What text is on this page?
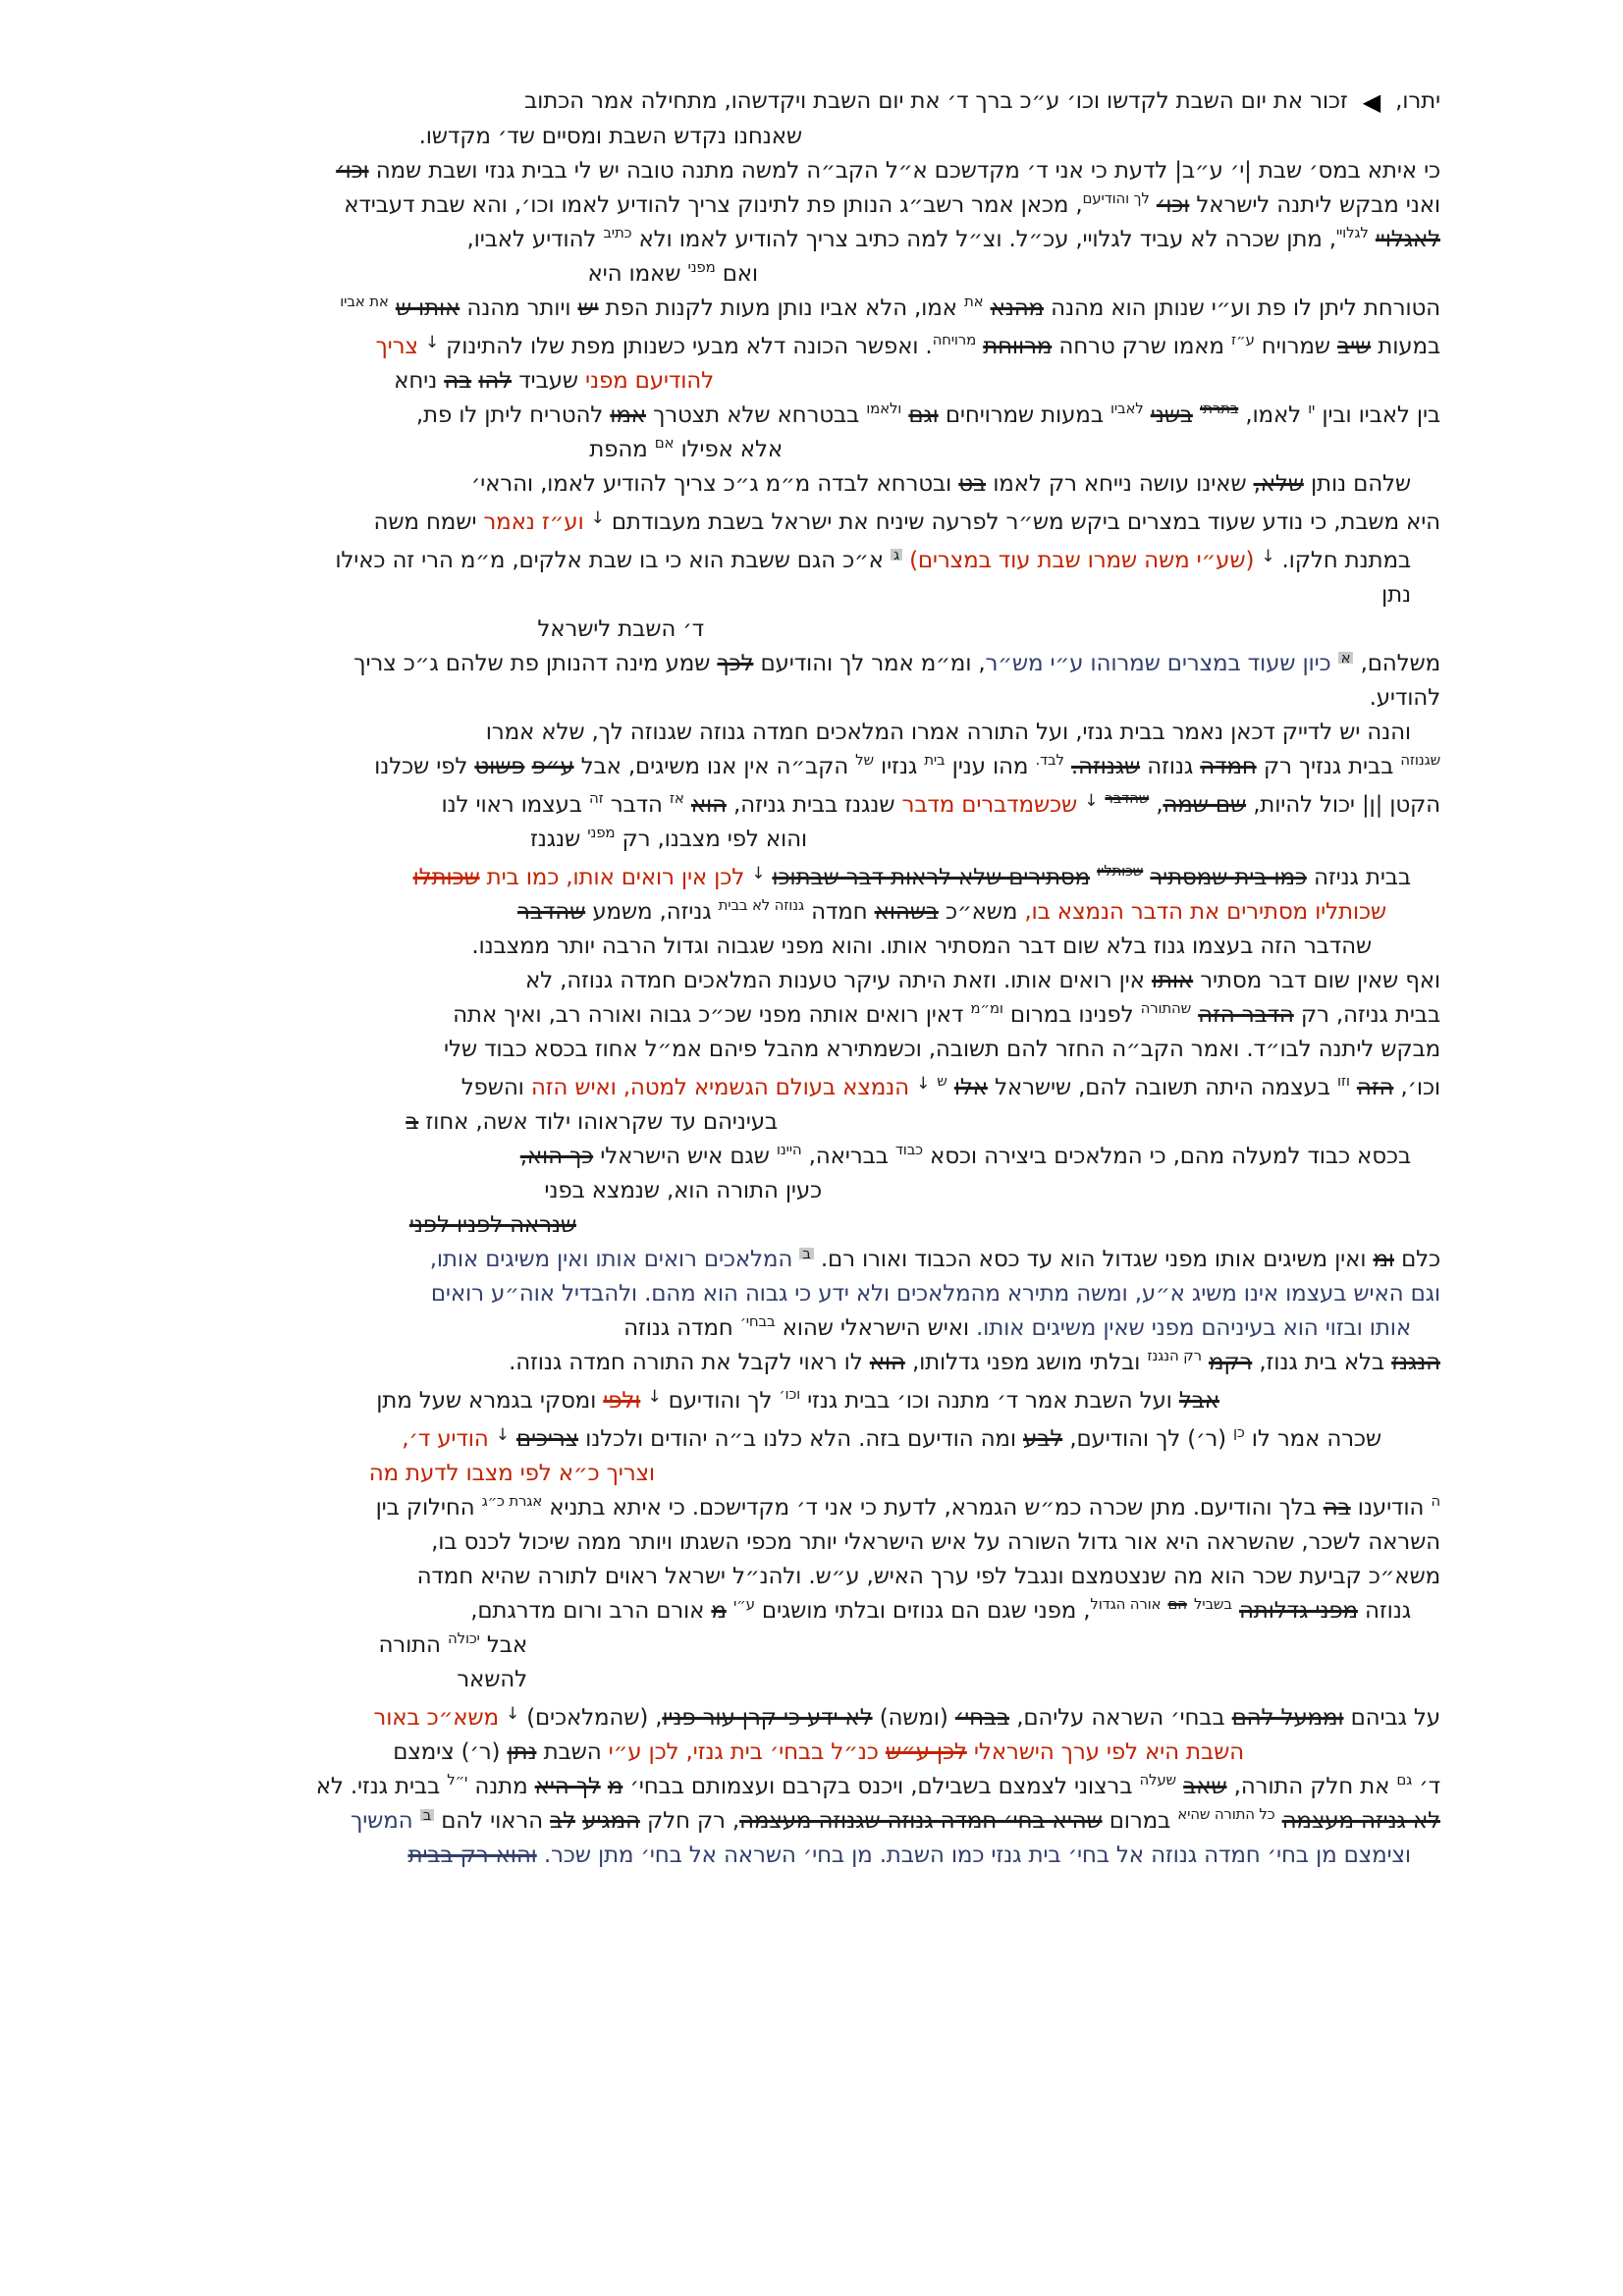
יתרו, ◀ זכור את יום השבת לקדשו וכו׳ ע״כ ברך ד׳ את יום השבת ויקדשהו, מתחילה אמר הכתוב
שאנחנו נקדש השבת ומסיים שד׳ מקדשו.
כי איתא במס׳ שבת |י׳ ע״ב| לדעת כי אני ד׳ מקדשכם א״ל הקב״ה למשה מתנה טובה יש לי בבית גנזי ושבת שמה וכו׳
ואני מבקש ליתנה לישראל וכו׳ לך והודיעם, מכאן אמר רשב״ג הנותן פת לתינוק צריך להודיע לאמו וכו׳, והא שבת דעבידא
לאגלויי לגלויי, מתן שכרה לא עביד לגלויי, עכ״ל. וצ״ל למה כתיב צריך להודיע לאמו ולא כתיב להודיע לאביו,
ואם מפני שאמו היא
הטורחת ליתן לו פת וע״י שנותן הוא מהנה מהנא את אמו, הלא אביו נותן מעות לקנות הפת יש ויותר מהנה אותו ש את אביו
במעות שיב שמרויח ע״ז מאמו שרק טרחה מרווחת מרויחה. ואפשר הכונה דלא מבעי כשנותן מפת שלו להתינוק ↓ צריך
להודיעם מפני שעביד להו בה ניחא
בין לאביו ובין יו לאמו, בתרתי בשני לאביו במעות שמרויחים וגם ולאמו בבטרחא שלא תצטרך אמו להטריח ליתן לו פת,
אלא אפילו אם מהפת
שלהם נותן שלא, שאינו עושה נייחא רק לאמו בט ובטרחא לבדה מ״מ ג״כ צריך להודיע לאמו, והראי׳
היא משבת, כי נודע שעוד במצרים ביקש מש״ר לפרעה שיניח את ישראל בשבת מעבודתם ↓ וע״ז נאמר ישמח משה
במתנת חלקו. ↓ (שע״י משה שמרו שבת עוד במצרים) ג א״כ הגם ששבת הוא כי בו שבת אלקים, מ״מ הרי זה כאילו נתן
ד׳ השבת לישראל
משלהם, א כיון שעוד במצרים שמרוהו ע״י מש״ר, ומ״מ אמר לך והודיעם לכך שמע מינה דהנותן פת שלהם ג״כ צריך להודיע.
והנה יש לדייק דכאן נאמר בבית גנזי, ועל התורה אמרו המלאכים חמדה גנוזה שגנוזה לך, שלא אמרו
שגנוזה בבית גנזיך רק חמדה גנוזה שגנוזה. לבד. מהו ענין בית גנזיו של הקב״ה אין אנו משיגים, אבל ע״פ פשוט לפי שכלנו
הקטן |ן| יכול להיות, שם שמה, שהדבר ↓ שכשמדברים מדבר שנגנז בבית גניזה, הוא אז הדבר זה בעצמו ראוי לנו
והוא לפי מצבנו, רק מפני שנגנז
בבית גניזה כמו בית שמסתיר שכותליו מסתירים שלא לראות דבר שבתוכו ↓ לכן אין רואים אותו, כמו בית שכותלו
שכותליו מסתירים את הדבר הנמצא בו, משא״כ בשהוא חמדה גנוזה לא בבית גניזה, משמע שהדבר
שהדבר הזה בעצמו גנוז בלא שום דבר המסתיר אותו. והוא מפני שגבוה וגדול הרבה יותר ממצבנו.
ואף שאין שום דבר מסתיר אותו אין רואים אותו. וזאת היתה עיקר טענות המלאכים חמדה גנוזה, לא
בבית גניזה, רק הדבר הזה שהתורה לפנינו במרום ומ״מ דאין רואים אותה מפני שכ״כ גבוה ואורה רב, ואיך אתה
מבקש ליתנה לבו״ד. ואמר הקב״ה החזר להם תשובה, וכשמתירא מהבל פיהם אמ״ל אחוז בכסא כבוד שלי
וכו׳, הזה וזו בעצמה היתה תשובה להם, שישראל אלו ש ↓ הנמצא בעולם הגשמיא למטה, ואיש הזה והשפל
בעיניהם עד שקראוהו ילוד אשה, אחוז ב
בכסא כבוד למעלה מהם, כי המלאכים ביצירה וכסא כבוד בבריאה, היינו שגם איש הישראלי כך הוא,
כעין התורה הוא, שנמצא בפני
שנראה לפניו לפני
כלם ומ ואין משיגים אותו מפני שגדול הוא עד כסא הכבוד ואורו רם. ב המלאכים רואים אותו ואין משיגים אותו,
וגם האיש בעצמו אינו משיג א״ע, ומשה מתירא מהמלאכים ולא ידע כי גבוה הוא מהם. ולהבדיל אוה״ע רואים
אותו ובזוי הוא בעיניהם מפני שאין משיגים אותו. ואיש הישראלי שהוא בבחי׳ חמדה גנוזה
הנגנז בלא בית גנוז, רקמ רק הנגנז ובלתי מושג מפני גדלותו, הוא לו ראוי לקבל את התורה חמדה גנוזה.
אבל ועל השבת אמר ד׳ מתנה וכו׳ בבית גנזי וכו׳ לך והודיעם ↓ ולפי ומסקי בגמרא שעל מתן
שכרה אמר לו כן (ר׳) לך והודיעם, לבע ומה הודיעם בזה. הלא כלנו ב״ה יהודים ולכלנו צריכים ↓ הודיע ד׳,
וצריך כ״א לפי מצבו לדעת מה
ה הודיענו בה בלך והודיעם. מתן שכרה כמ״ש הגמרא, לדעת כי אני ד׳ מקדישכם. כי איתא בתניא אגרת כ״ג החילוק בין
השראה לשכר, שהשראה היא אור גדול השורה על איש הישראלי יותר מכפי השגתו ויותר ממה שיכול לכנס בו,
משא״כ קביעת שכר הוא מה שנצטמצם ונגבל לפי ערך האיש, ע״ש. ולהנ״ל ישראל ראוים לתורה שהיא חמדה
גנוזה מפני גדלותה בשביל הם אורה הגדול, מפני שגם הם גנוזים ובלתי מושגים ע״י מ אורם הרב ורום מדרגתם,
אבל יכולה התורה להשאר
על גביהם וממעל להם בבחי׳ השראה עליהם, בבחי׳ (ומשה) לא ידע כי קרן עור פניו, (שהמלאכים) ↓ משא״כ באור
השבת היא לפי ערך הישראלי לכן ע״ש כנ״ל בבחי׳ בית גנזי, לכן ע״י השבת נתן (ר׳) צימצם
ד׳ גם את חלק התורה, שאב שעלה ברצוני לצמצם בשבילם, ויכנס בקרבם ועצמותם בבחי׳ מ לך היא מתנה י״ל בבית גנזי. לא
לא גניזה מעצמה כל התורה שהיא במרום שהיא בחי׳ חמדה גנוזה שגנוזה מעצמה, רק חלק המגיע לב הראוי להם ב המשיך
וצימצם מן בחי׳ חמדה גנוזה אל בחי׳ בית גנזי כמו השבת. מן בחי׳ השראה אל בחי׳ מתן שכר. והוא רק בבית
